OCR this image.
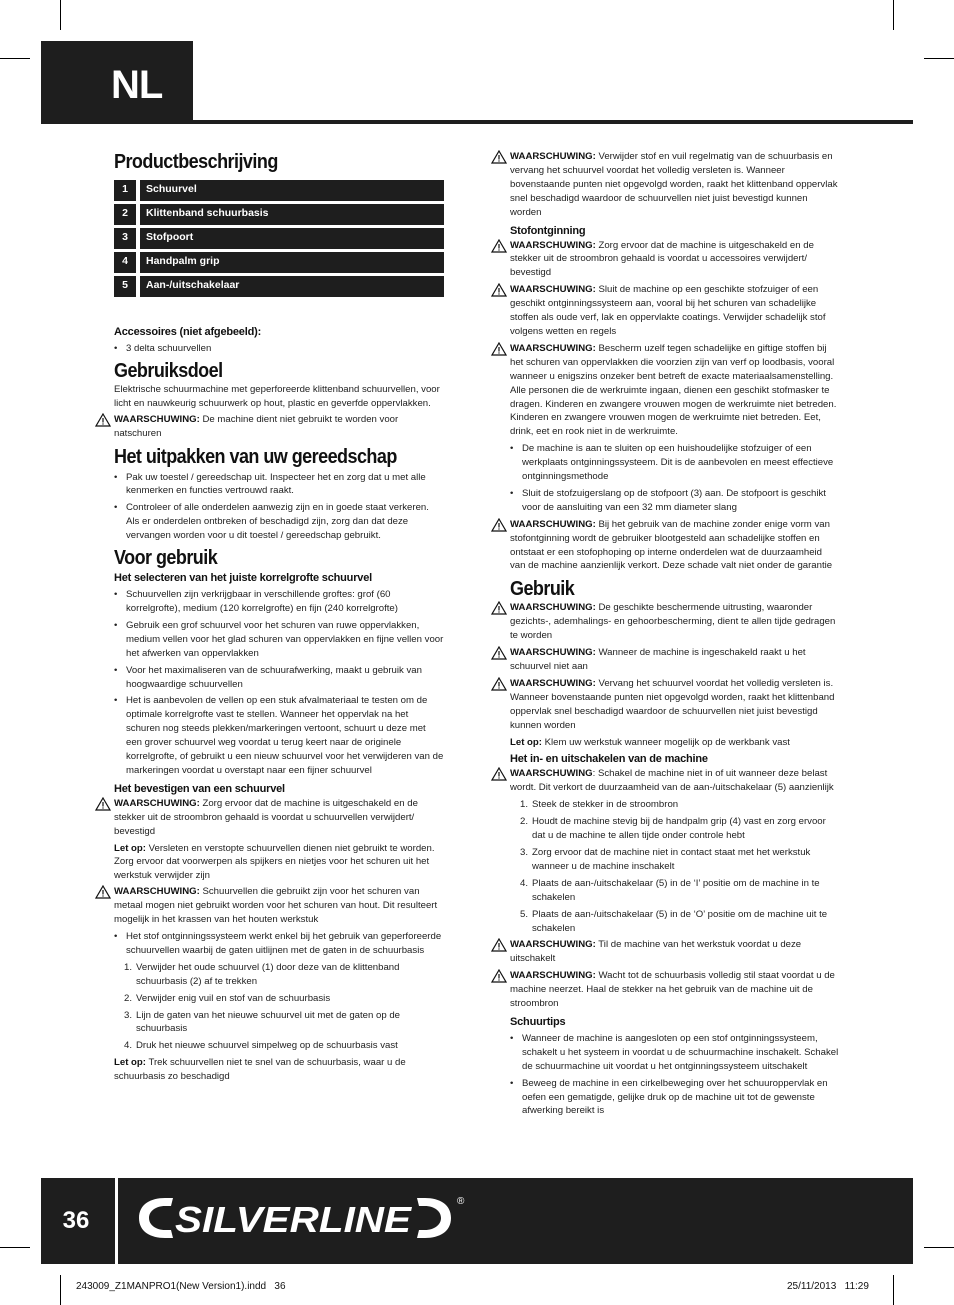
NL
Productbeschrijving
1	Schuurvel
2	Klittenband schuurbasis
3	Stofpoort
4	Handpalm grip
5	Aan-/uitschakelaar
Accessoires (niet afgebeeld):
• 3 delta schuurvellen
Gebruiksdoel

Elektrische schuurmachine met geperforeerde klittenband schuurvellen, voor licht en nauwkeurig schuurwerk op hout, plastic en geverfde oppervlakken.

WAARSCHUWING: De machine dient niet gebruikt te worden voor natschuren
Het uitpakken van uw gereedschap
• Pak uw toestel / gereedschap uit. Inspecteer het en zorg dat u met alle kenmerken en functies vertrouwd raakt.
• Controleer of alle onderdelen aanwezig zijn en in goede staat verkeren. Als er onderdelen ontbreken of beschadigd zijn, zorg dan dat deze vervangen worden voor u dit toestel / gereedschap gebruikt.
Voor gebruik
Het selecteren van het juiste korrelgrofte schuurvel
• Schuurvellen zijn verkrijgbaar in verschillende groftes: grof (60 korrelgrofte), medium (120 korrelgrofte) en fijn (240 korrelgrofte)
• Gebruik een grof schuurvel voor het schuren van ruwe oppervlakken, medium vellen voor het glad schuren van oppervlakken en fijne vellen voor het afwerken van oppervlakken
• Voor het maximaliseren van de schuurafwerking, maakt u gebruik van hoogwaardige schuurvellen
• Het is aanbevolen de vellen op een stuk afvalmateriaal te testen om de optimale korrelgrofte vast te stellen. Wanneer het oppervlak na het schuren nog steeds plekken/markeringen vertoont, schuurt u deze met een grover schuurvel weg voordat u terug keert naar de originele korrelgrofte, of gebruikt u een nieuw schuurvel voor het verwijderen van de markeringen voordat u overstapt naar een fijner schuurvel
Het bevestigen van een schuurvel
WAARSCHUWING: Zorg ervoor dat de machine is uitgeschakeld en de stekker uit de stroombron gehaald is voordat u schuurvellen verwijdert/ bevestigd

Let op: Versleten en verstopte schuurvellen dienen niet gebruikt te worden. Zorg ervoor dat voorwerpen als spijkers en nietjes voor het schuren uit het werkstuk verwijder zijn

WAARSCHUWING: Schuurvellen die gebruikt zijn voor het schuren van metaal mogen niet gebruikt worden voor het schuren van hout. Dit resulteert mogelijk in het krassen van het houten werkstuk
• Het stof ontginningssysteem werkt enkel bij het gebruik van geperforeerde schuurvellen waarbij de gaten uitlijnen met de gaten in de schuurbasis
1. Verwijder het oude schuurvel (1) door deze van de klittenband schuurbasis (2) af te trekken
2. Verwijder enig vuil en stof van de schuurbasis
3. Lijn de gaten van het nieuwe schuurvel uit met de gaten op de schuurbasis
4. Druk het nieuwe schuurvel simpelweg op de schuurbasis vast

Let op: Trek schuurvellen niet te snel van de schuurbasis, waar u de schuurbasis zo beschadigd

WAARSCHUWING: Verwijder stof en vuil regelmatig van de schuurbasis en vervang het schuurvel voordat het volledig versleten is. Wanneer bovenstaande punten niet opgevolgd worden, raakt het klittenband oppervlak snel beschadigd waardoor de schuurvellen niet juist bevestigd kunnen worden
Stofontginning
WAARSCHUWING: Zorg ervoor dat de machine is uitgeschakeld en de stekker uit de stroombron gehaald is voordat u accessoires verwijdert/ bevestigd
WAARSCHUWING: Sluit de machine op een geschikte stofzuiger of een geschikt ontginningssysteem aan, vooral bij het schuren van schadelijke stoffen als oude verf, lak en oppervlakte coatings. Verwijder schadelijk stof volgens wetten en regels
WAARSCHUWING: Bescherm uzelf tegen schadelijke en giftige stoffen bij het schuren van oppervlakken die voorzien zijn van verf op loodbasis, vooral wanneer u enigszins onzeker bent betreft de exacte materiaalsamenstelling. Alle personen die de werkruimte ingaan, dienen een geschikt stofmasker te dragen. Kinderen en zwangere vrouwen mogen de werkruimte niet betreden. Kinderen en zwangere vrouwen mogen de werkruimte niet betreden. Eet, drink, eet en rook niet in de werkruimte.
• De machine is aan te sluiten op een huishoudelijke stofzuiger of een werkplaats ontginningssysteem. Dit is de aanbevolen en meest effectieve ontginningsmethode
• Sluit de stofzuigerslang op de stofpoort (3) aan. De stofpoort is geschikt voor de aansluiting van een 32 mm diameter slang
WAARSCHUWING: Bij het gebruik van de machine zonder enige vorm van stofontginning wordt de gebruiker blootgesteld aan schadelijke stoffen en ontstaat er een stofophoping op interne onderdelen wat de duurzaamheid van de machine aanzienlijk verkort. Deze schade valt niet onder de garantie
Gebruik
WAARSCHUWING: De geschikte beschermende uitrusting, waaronder gezichts-, ademhalings- en gehoorbescherming, dient te allen tijde gedragen te worden
WAARSCHUWING: Wanneer de machine is ingeschakeld raakt u het schuurvel niet aan
WAARSCHUWING: Vervang het schuurvel voordat het volledig versleten is. Wanneer bovenstaande punten niet opgevolgd worden, raakt het klittenband oppervlak snel beschadigd waardoor de schuurvellen niet juist bevestigd kunnen worden

Let op: Klem uw werkstuk wanneer mogelijk op de werkbank vast

Het in- en uitschakelen van de machine
WAARSCHUWING: Schakel de machine niet in of uit wanneer deze belast wordt. Dit verkort de duurzaamheid van de aan-/uitschakelaar (5) aanzienlijk
1. Steek de stekker in de stroombron
2. Houdt de machine stevig bij de handpalm grip (4) vast en zorg ervoor dat u de machine te allen tijde onder controle hebt
3. Zorg ervoor dat de machine niet in contact staat met het werkstuk wanneer u de machine inschakelt
4. Plaats de aan-/uitschakelaar (5) in de ‘I’ positie om de machine in te schakelen
5. Plaats de aan-/uitschakelaar (5) in de ‘O’ positie om de machine uit te schakelen
WAARSCHUWING: Til de machine van het werkstuk voordat u deze uitschakelt
WAARSCHUWING: Wacht tot de schuurbasis volledig stil staat voordat u de machine neerzet. Haal de stekker na het gebruik van de machine uit de stroombron
Schuurtips
• Wanneer de machine is aangesloten op een stof ontginningssysteem, schakelt u het systeem in voordat u de schuurmachine inschakelt. Schakel de schuurmachine uit voordat u het ontginningssysteem uitschakelt
• Beweeg de machine in een cirkelbeweging over het schuuroppervlak en oefen een gematigde, gelijke druk op de machine uit tot de gewenste afwerking bereikt is
36	SILVERLINE	®
243009_Z1MANPRO1(New Version1).indd   36	25/11/2013   11:29
